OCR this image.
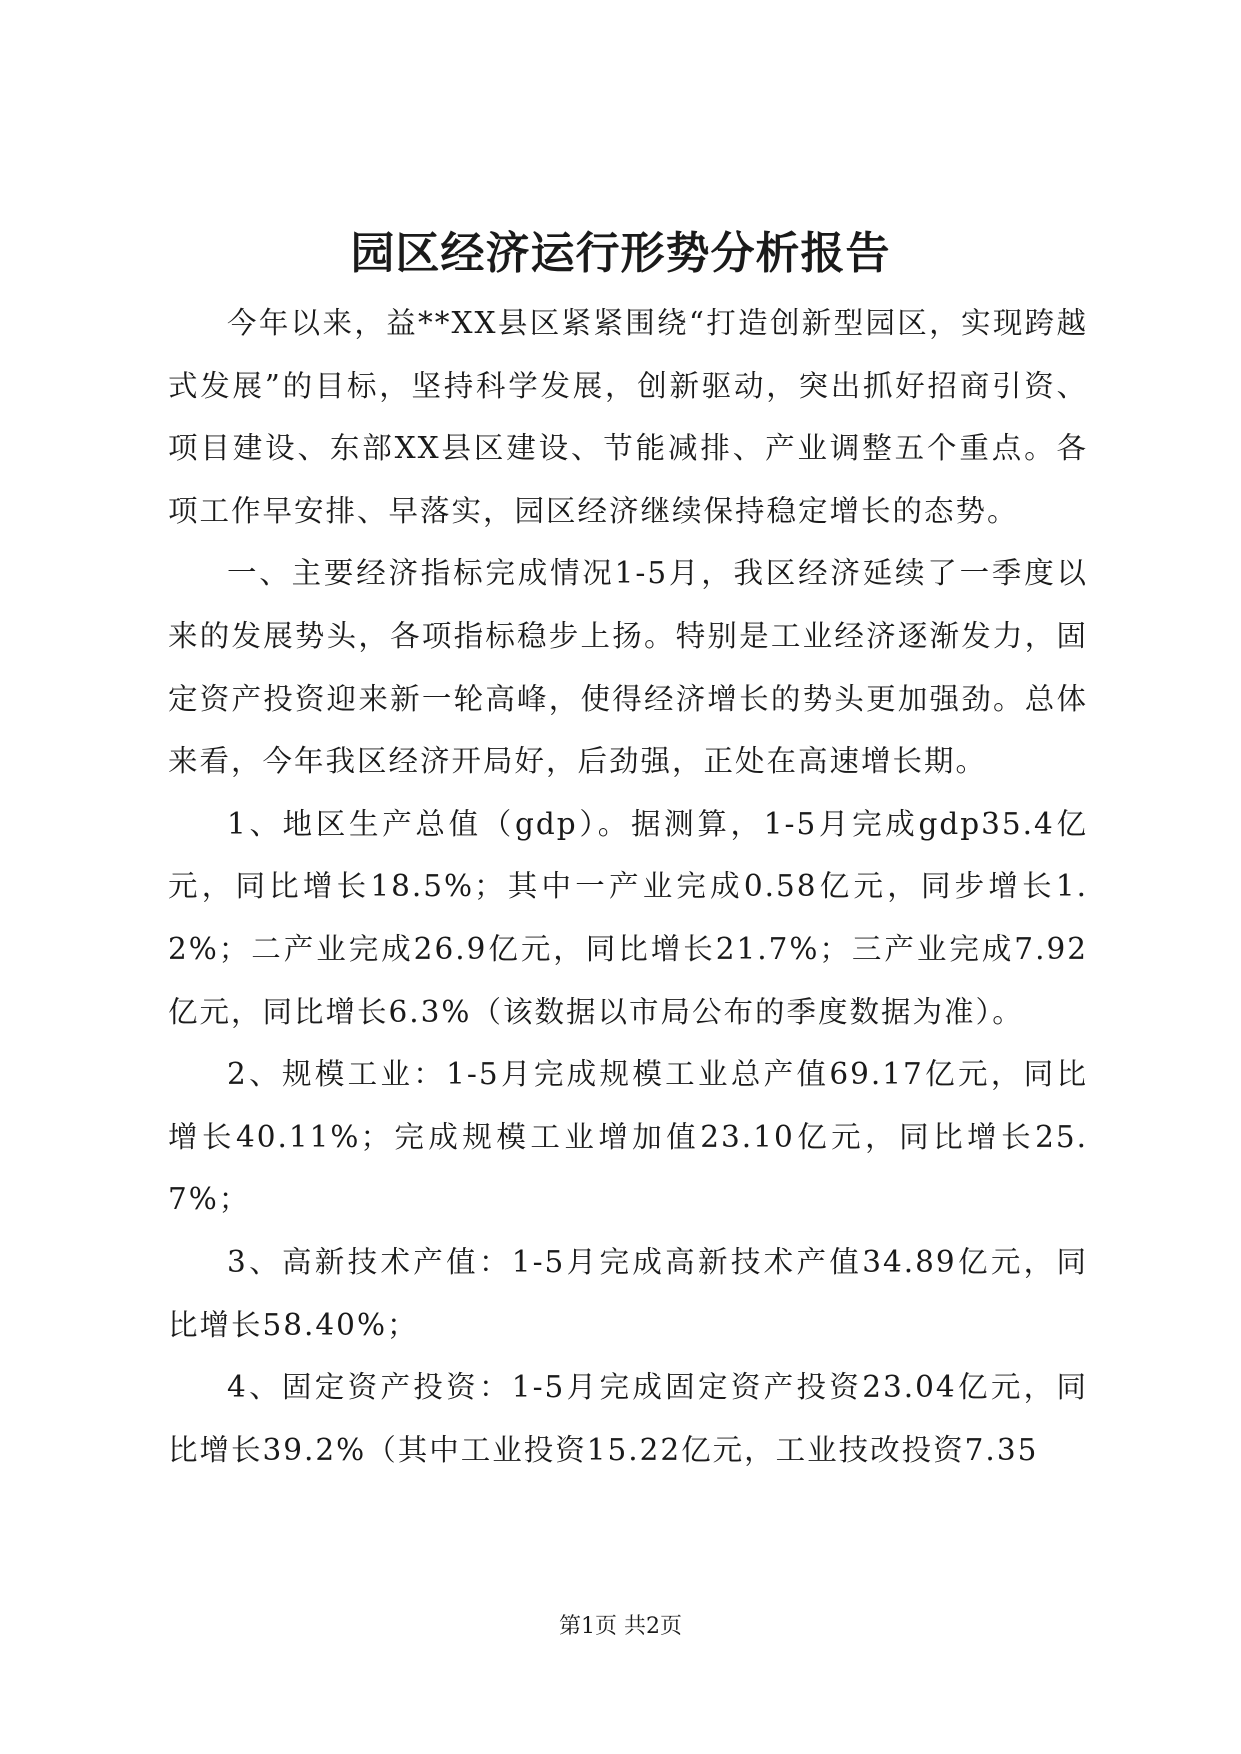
园区经济运行形势分析报告

今年以来，益**XX县区紧紧围绕“打造创新型园区，实现跨越式发展”的目标，坚持科学发展，创新驱动，突出抓好招商引资、项目建设、东部XX县区建设、节能减排、产业调整五个重点。各项工作早安排、早落实，园区经济继续保持稳定增长的态势。

一、主要经济指标完成情况1-5月，我区经济延续了一季度以来的发展势头，各项指标稳步上扬。特别是工业经济逐渐发力，固定资产投资迎来新一轮高峰，使得经济增长的势头更加强劲。总体来看，今年我区经济开局好，后劲强，正处在高速增长期。

1、地区生产总值（gdp）。据测算，1-5月完成gdp35.4亿元，同比增长18.5%；其中一产业完成0.58亿元，同步增长1.2%；二产业完成26.9亿元，同比增长21.7%；三产业完成7.92亿元，同比增长6.3%（该数据以市局公布的季度数据为准）。

2、规模工业：1-5月完成规模工业总产值69.17亿元，同比增长40.11%；完成规模工业增加值23.10亿元，同比增长25.7%；

3、高新技术产值：1-5月完成高新技术产值34.89亿元，同比增长58.40%；

4、固定资产投资：1-5月完成固定资产投资23.04亿元，同比增长39.2%（其中工业投资15.22亿元，工业技改投资7.35

第1页 共2页
